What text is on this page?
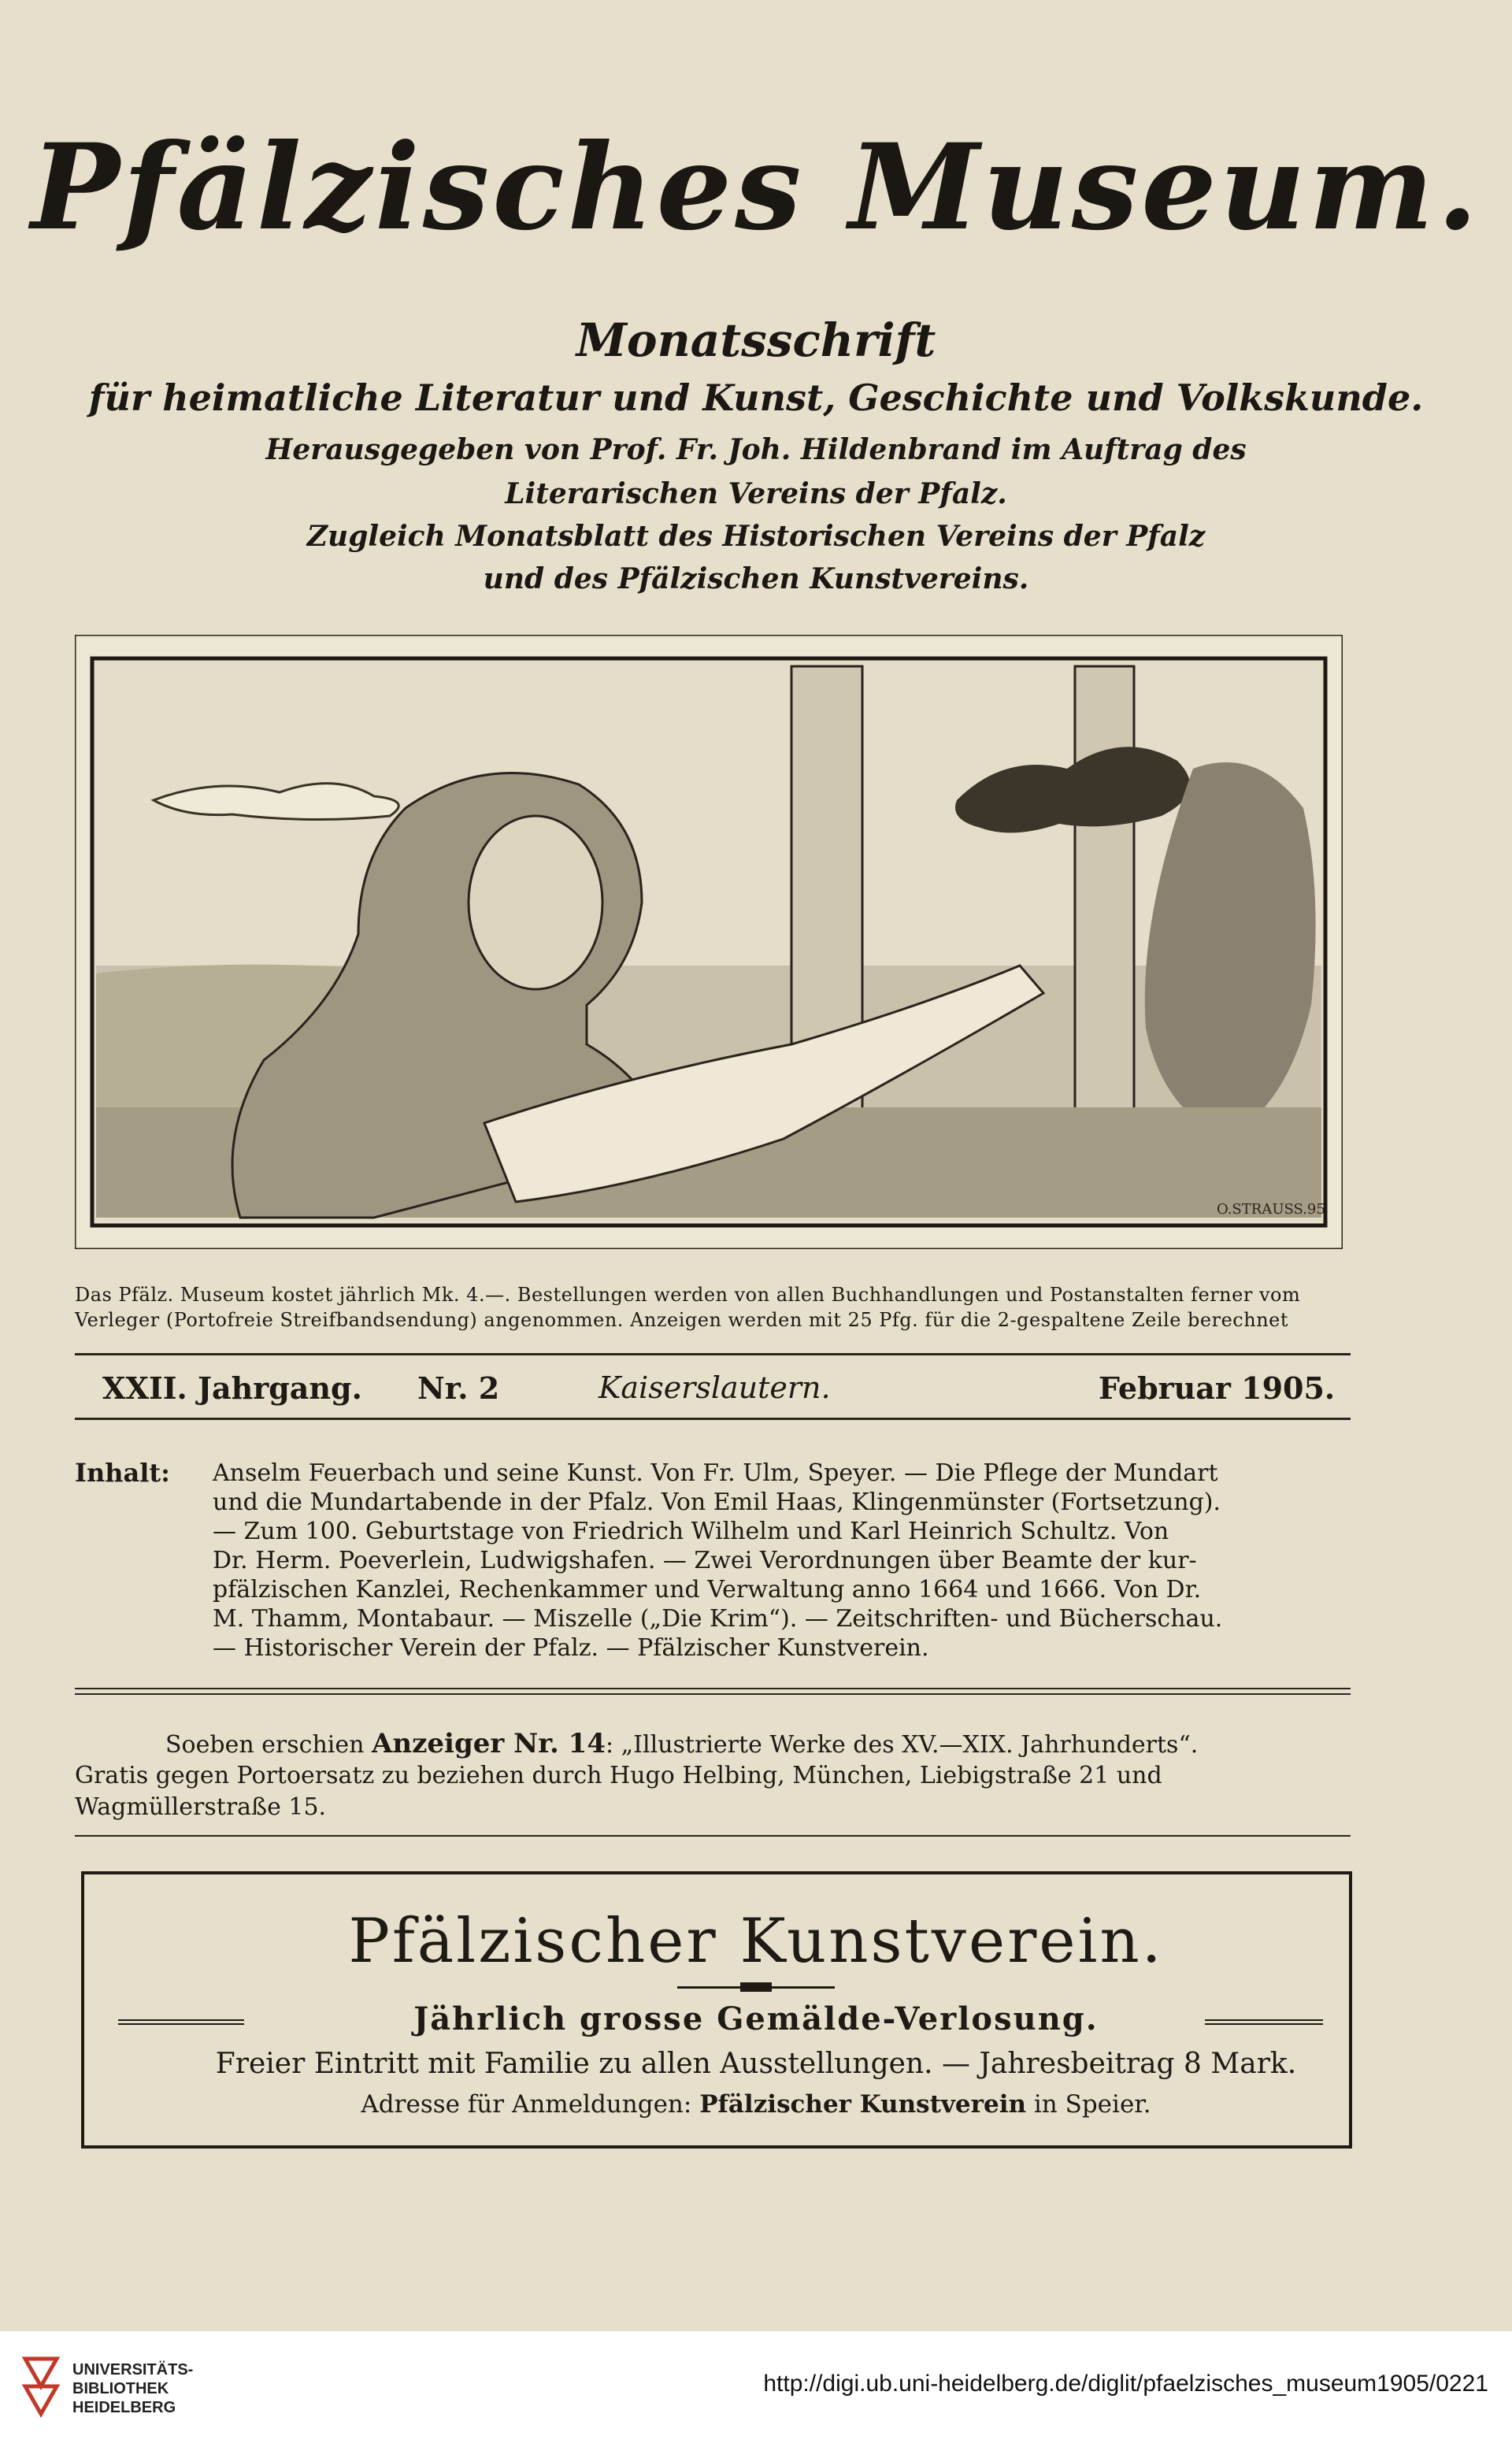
Pfälzisches Museum.
Monatsschrift
für heimatliche Literatur und Kunst, Geschichte und Volkskunde.
Herausgegeben von Prof. Fr. Joh. Hildenbrand im Auftrag des
Literarischen Vereins der Pfalz.
Zugleich Monatsblatt des Historischen Vereins der Pfalz
und des Pfälzischen Kunstvereins.
O.STRAUSS.95
Das Pfälz. Museum kostet jährlich Mk. 4.—. Bestellungen werden von allen Buchhandlungen und Postanstalten ferner vom
Verleger (Portofreie Streifbandsendung) angenommen. Anzeigen werden mit 25 Pfg. für die 2-gespaltene Zeile berechnet
XXII. Jahrgang. Nr. 2	Kaiserslautern.	Februar 1905.
Inhalt: Anselm Feuerbach und seine Kunst. Von Fr. Ulm, Speyer. — Die Pflege der Mundart
und die Mundartabende in der Pfalz. Von Emil Haas, Klingenmünster (Fortsetzung).
— Zum 100. Geburtstage von Friedrich Wilhelm und Karl Heinrich Schultz. Von
Dr. Herm. Poeverlein, Ludwigshafen. — Zwei Verordnungen über Beamte der kur-
pfälzischen Kanzlei, Rechenkammer und Verwaltung anno 1664 und 1666. Von Dr.
M. Thamm, Montabaur. — Miszelle („Die Krim“). — Zeitschriften- und Bücherschau.
— Historischer Verein der Pfalz. — Pfälzischer Kunstverein.
Soeben erschien Anzeiger Nr. 14: „Illustrierte Werke des XV.—XIX. Jahrhunderts“.
Gratis gegen Portoersatz zu beziehen durch Hugo Helbing, München, Liebigstraße 21 und
Wagmüllerstraße 15.
Pfälzischer Kunstverein.
Jährlich grosse Gemälde-Verlosung.
Freier Eintritt mit Familie zu allen Ausstellungen. — Jahresbeitrag 8 Mark.
Adresse für Anmeldungen: Pfälzischer Kunstverein in Speier.
UNIVERSITÄTS-
BIBLIOTHEK
HEIDELBERG
http://digi.ub.uni-heidelberg.de/diglit/pfaelzisches_museum1905/0221
